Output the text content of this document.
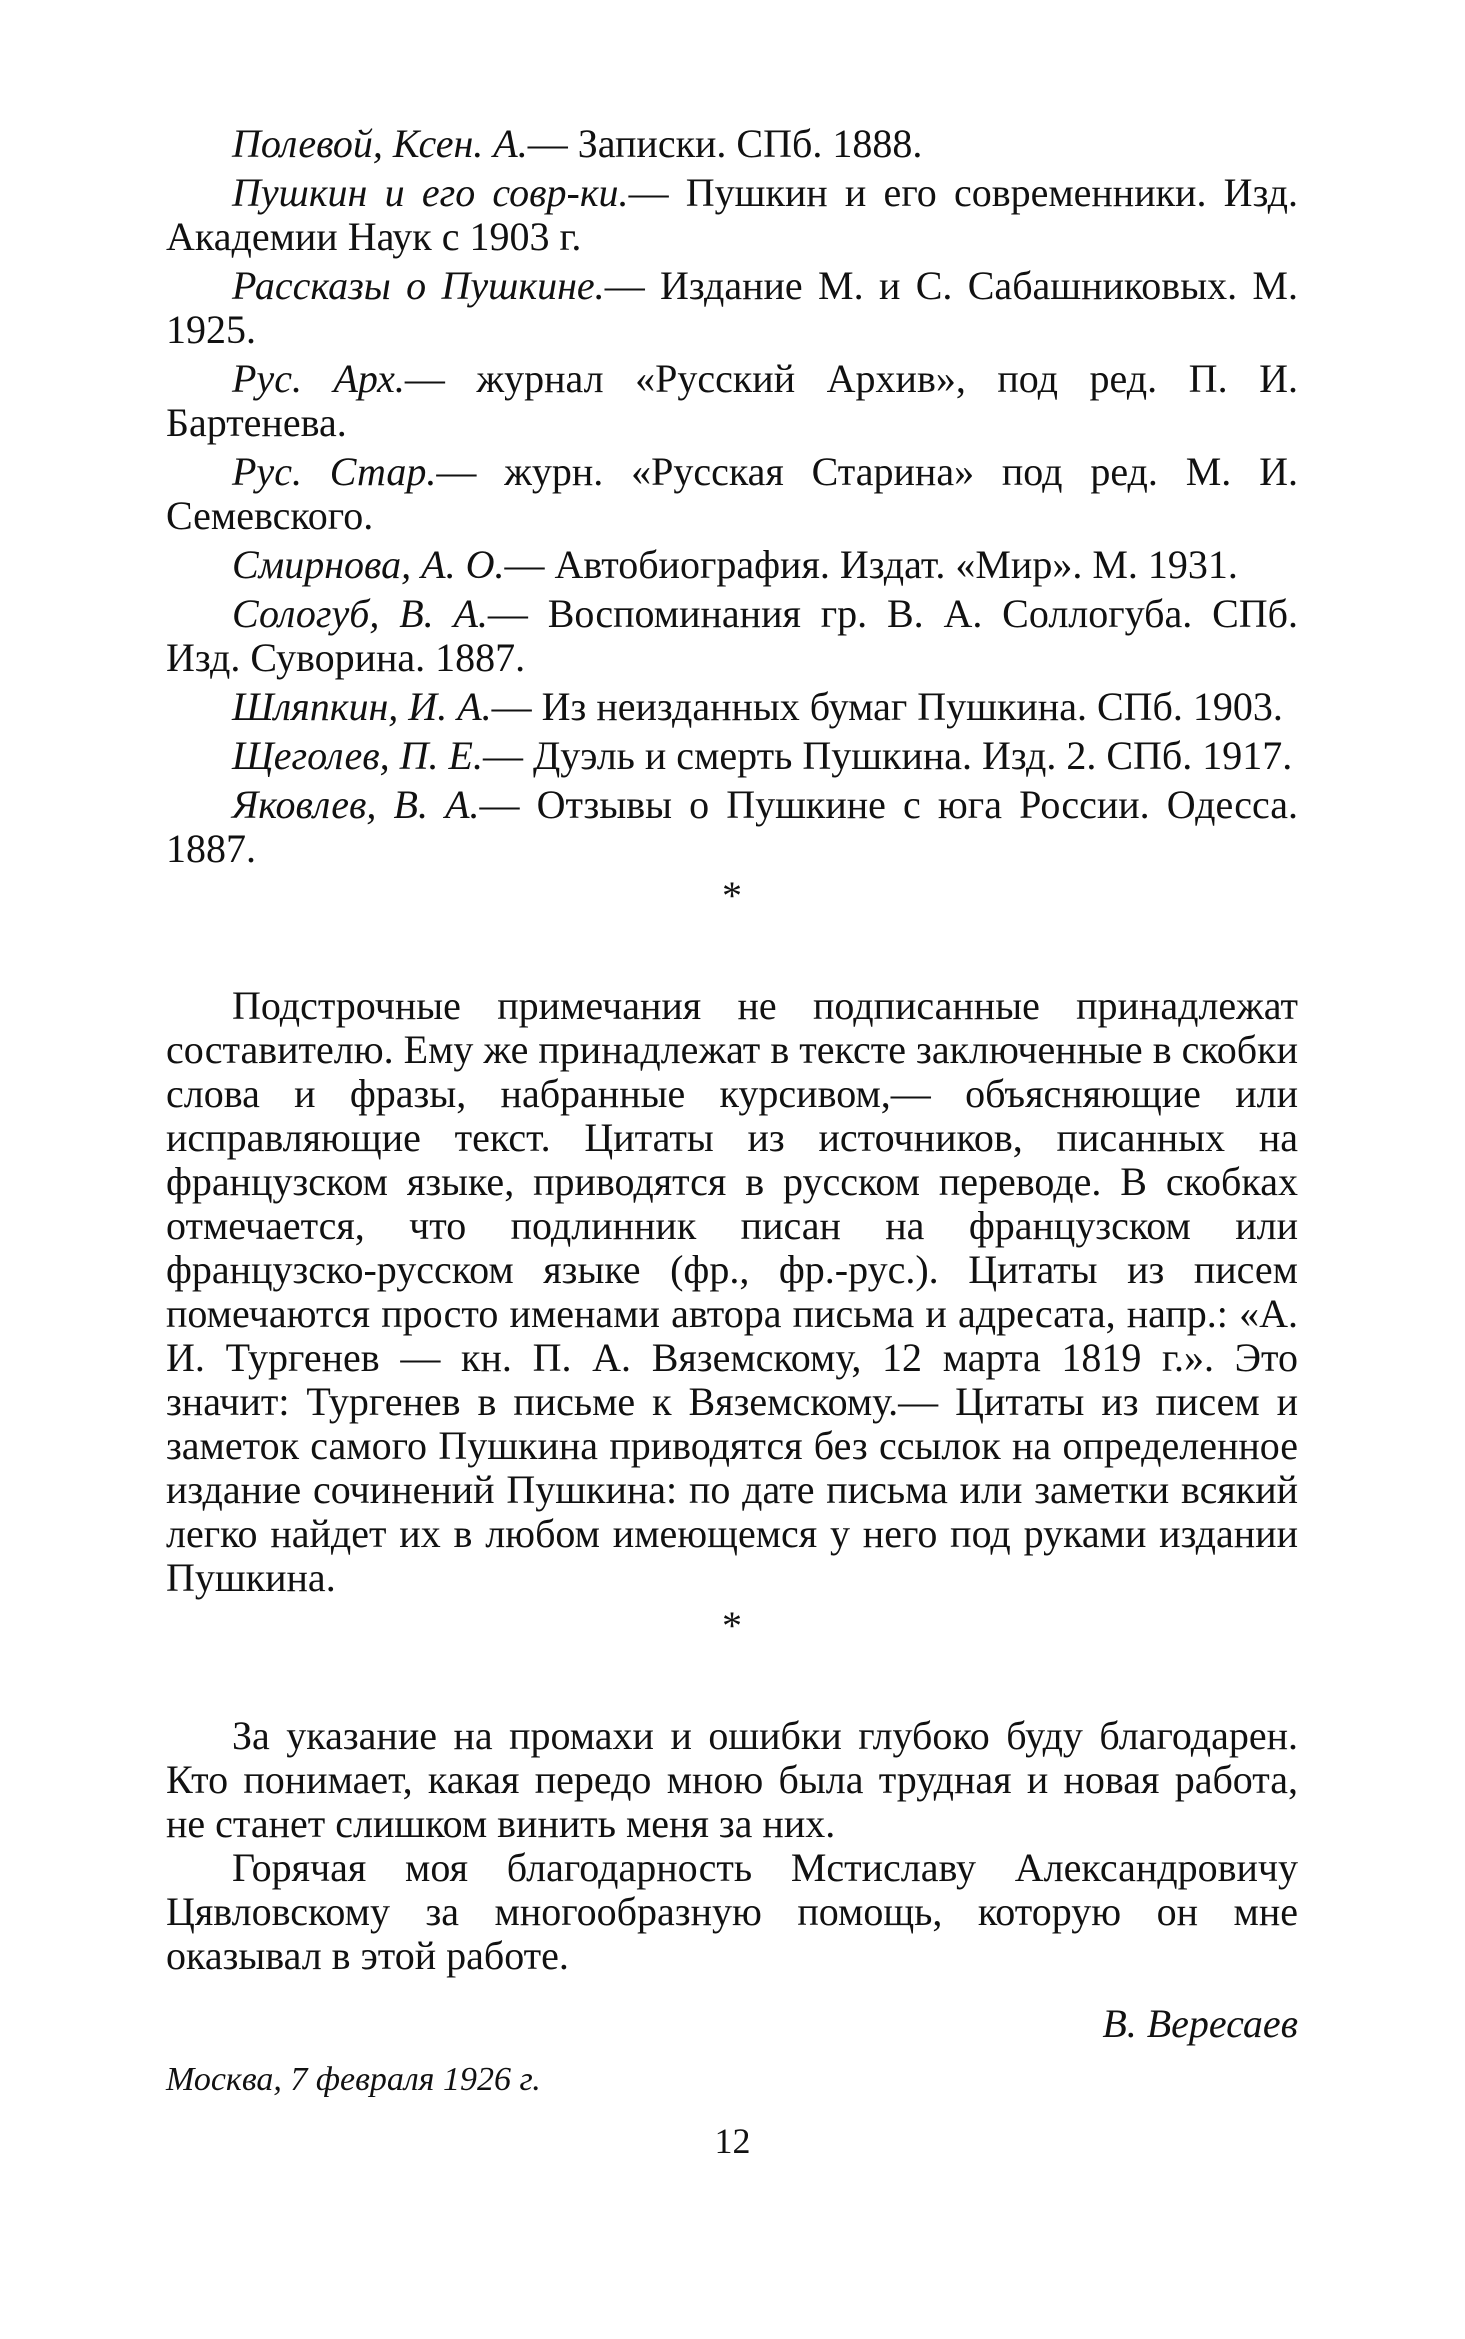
Полевой, Ксен. А.— Записки. СПб. 1888.

Пушкин и его совр-ки.— Пушкин и его современники. Изд. Академии Наук с 1903 г.

Рассказы о Пушкине.— Издание М. и С. Сабашниковых. М. 1925.

Рус. Арх.— журнал «Русский Архив», под ред. П. И. Бартенева.

Рус. Стар.— журн. «Русская Старина» под ред. М. И. Семевского.

Смирнова, А. О.— Автобиография. Издат. «Мир». М. 1931.

Сологуб, В. А.— Воспоминания гр. В. А. Соллогуба. СПб. Изд. Суворина. 1887.

Шляпкин, И. А.— Из неизданных бумаг Пушкина. СПб. 1903.

Щеголев, П. Е.— Дуэль и смерть Пушкина. Изд. 2. СПб. 1917.

Яковлев, В. А.— Отзывы о Пушкине с юга России. Одесса. 1887.

*

Подстрочные примечания не подписанные принадлежат составителю. Ему же принадлежат в тексте заключенные в скобки слова и фразы, набранные курсивом,— объясняющие или исправляющие текст. Цитаты из источников, писанных на французском языке, приводятся в русском переводе. В скобках отмечается, что подлинник писан на французском или французско-русском языке (фр., фр.-рус.). Цитаты из писем помечаются просто именами автора письма и адресата, напр.: «А. И. Тургенев — кн. П. А. Вяземскому, 12 марта 1819 г.». Это значит: Тургенев в письме к Вяземскому.— Цитаты из писем и заметок самого Пушкина приводятся без ссылок на определенное издание сочинений Пушкина: по дате письма или заметки всякий легко найдет их в любом имеющемся у него под руками издании Пушкина.

*

За указание на промахи и ошибки глубоко буду благодарен. Кто понимает, какая передо мною была трудная и новая работа, не станет слишком винить меня за них.

Горячая моя благодарность Мстиславу Александровичу Цявловскому за многообразную помощь, которую он мне оказывал в этой работе.

В. Вересаев
Москва, 7 февраля 1926 г.
12
